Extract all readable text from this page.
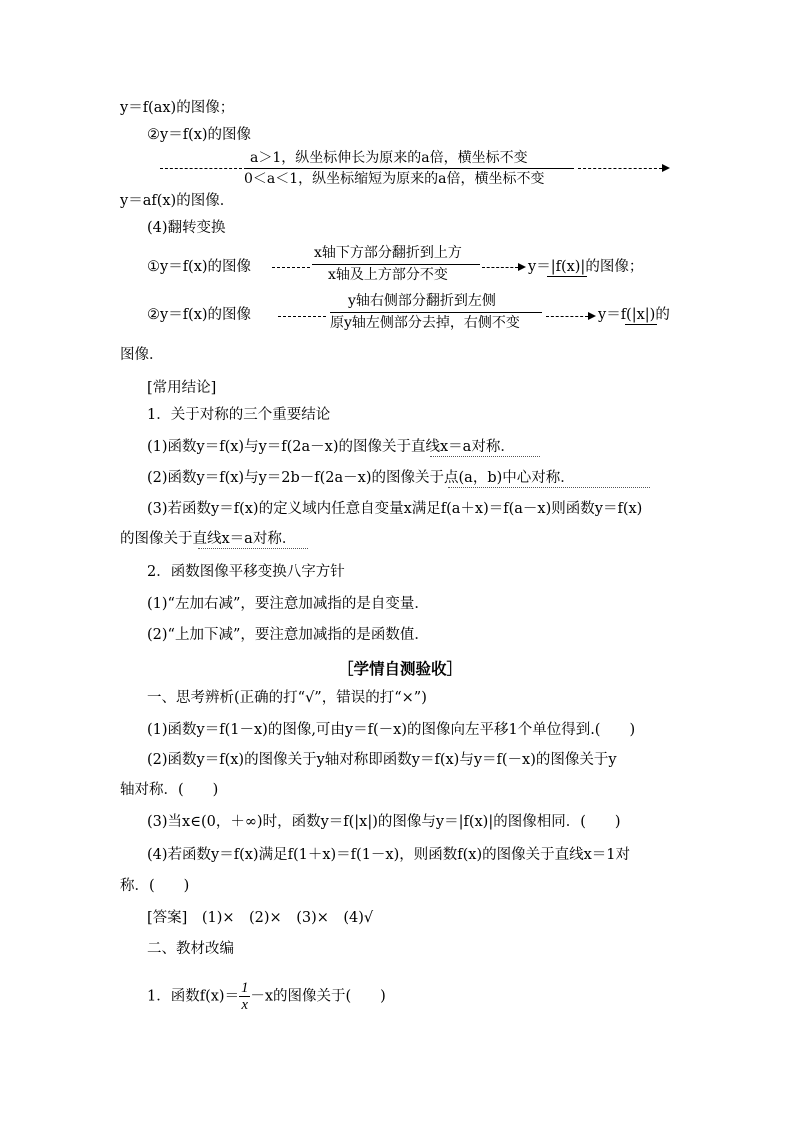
y＝f(ax)的图像；
②y＝f(x)的图像
a＞1，纵坐标伸长为原来的a倍，横坐标不变
0＜a＜1，纵坐标缩短为原来的a倍，横坐标不变
y＝af(x)的图像．
(4)翻转变换
①y＝f(x)的图像
x轴下方部分翻折到上方
x轴及上方部分不变	y＝|f(x)|的图像；
②y＝f(x)的图像
y轴右侧部分翻折到左侧
原y轴左侧部分去掉，右侧不变	y＝f(|x|)的
图像．
[常用结论]
1．关于对称的三个重要结论
(1)函数y＝f(x)与y＝f(2a－x)的图像关于直线x＝a对称．
(2)函数y＝f(x)与y＝2b－f(2a－x)的图像关于点(a，b)中心对称．
(3)若函数y＝f(x)的定义域内任意自变量x满足f(a＋x)＝f(a－x)则函数y＝f(x)
的图像关于直线x＝a对称．
2．函数图像平移变换八字方针
(1)“左加右减”，要注意加减指的是自变量．
(2)“上加下减”，要注意加减指的是函数值．
［学情自测验收］
一、思考辨析(正确的打“√”，错误的打“×”)
(1)函数y＝f(1－x)的图像,可由y＝f(－x)的图像向左平移1个单位得到.(　　)
(2)函数y＝f(x)的图像关于y轴对称即函数y＝f(x)与y＝f(－x)的图像关于y
轴对称．(　　)
(3)当x∈(0，＋∞)时，函数y＝f(|x|)的图像与y＝|f(x)|的图像相同．(　　)
(4)若函数y＝f(x)满足f(1＋x)＝f(1－x)，则函数f(x)的图像关于直线x＝1对
称．(　　)
[答案]　(1)×　(2)×　(3)×　(4)√
二、教材改编
1．函数$f(x)= \frac{1}{x} -x$的图像关于(　　)
